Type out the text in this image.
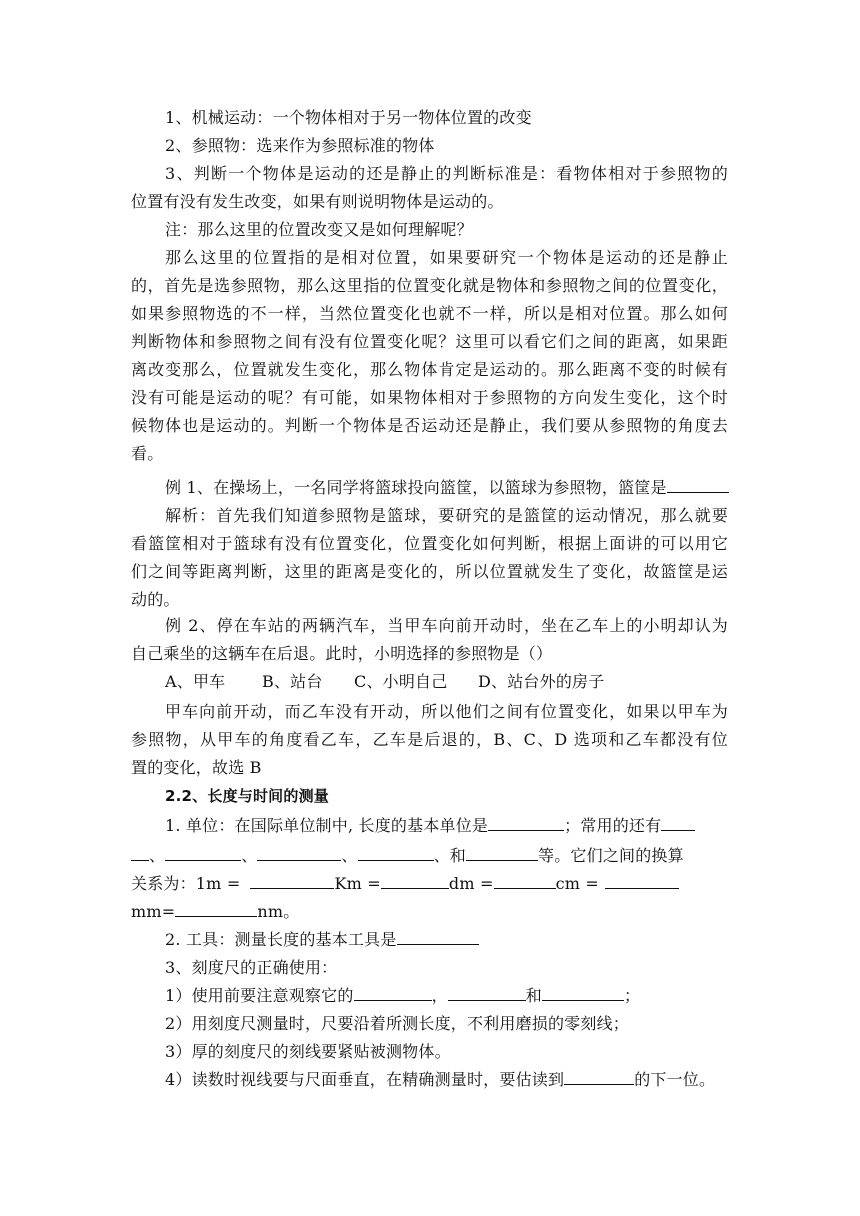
1、机械运动：一个物体相对于另一物体位置的改变
2、参照物：选来作为参照标准的物体
3、判断一个物体是运动的还是静止的判断标准是：看物体相对于参照物的
位置有没有发生改变，如果有则说明物体是运动的。
注：那么这里的位置改变又是如何理解呢？
那么这里的位置指的是相对位置，如果要研究一个物体是运动的还是静止
的，首先是选参照物，那么这里指的位置变化就是物体和参照物之间的位置变化，
如果参照物选的不一样，当然位置变化也就不一样，所以是相对位置。那么如何
判断物体和参照物之间有没有位置变化呢？这里可以看它们之间的距离，如果距
离改变那么，位置就发生变化，那么物体肯定是运动的。那么距离不变的时候有
没有可能是运动的呢？有可能，如果物体相对于参照物的方向发生变化，这个时
候物体也是运动的。判断一个物体是否运动还是静止，我们要从参照物的角度去
看。
例 1、在操场上，一名同学将篮球投向篮筐，以篮球为参照物，篮筐是
解析：首先我们知道参照物是篮球，要研究的是篮筐的运动情况，那么就要
看篮筐相对于篮球有没有位置变化，位置变化如何判断，根据上面讲的可以用它
们之间等距离判断，这里的距离是变化的，所以位置就发生了变化，故篮筐是运
动的。
例 2、停在车站的两辆汽车，当甲车向前开动时，坐在乙车上的小明却认为
自己乘坐的这辆车在后退。此时，小明选择的参照物是（）
A、甲车 B、站台 C、小明自己 D、站台外的房子
甲车向前开动，而乙车没有开动，所以他们之间有位置变化，如果以甲车为
参照物，从甲车的角度看乙车，乙车是后退的，B、C、D 选项和乙车都没有位
置的变化，故选 B
2.2、长度与时间的测量
1. 单位：在国际单位制中, 长度的基本单位是	；常用的还有
、	、	、	、和	等。它们之间的换算
关系为：1m =	Km =	dm =	cm =
mm=	nm。
2. 工具：测量长度的基本工具是
3、刻度尺的正确使用：
1）使用前要注意观察它的	，	和	；
2）用刻度尺测量时，尺要沿着所测长度，不利用磨损的零刻线；
3）厚的刻度尺的刻线要紧贴被测物体。
4）读数时视线要与尺面垂直，在精确测量时，要估读到	的下一位。
